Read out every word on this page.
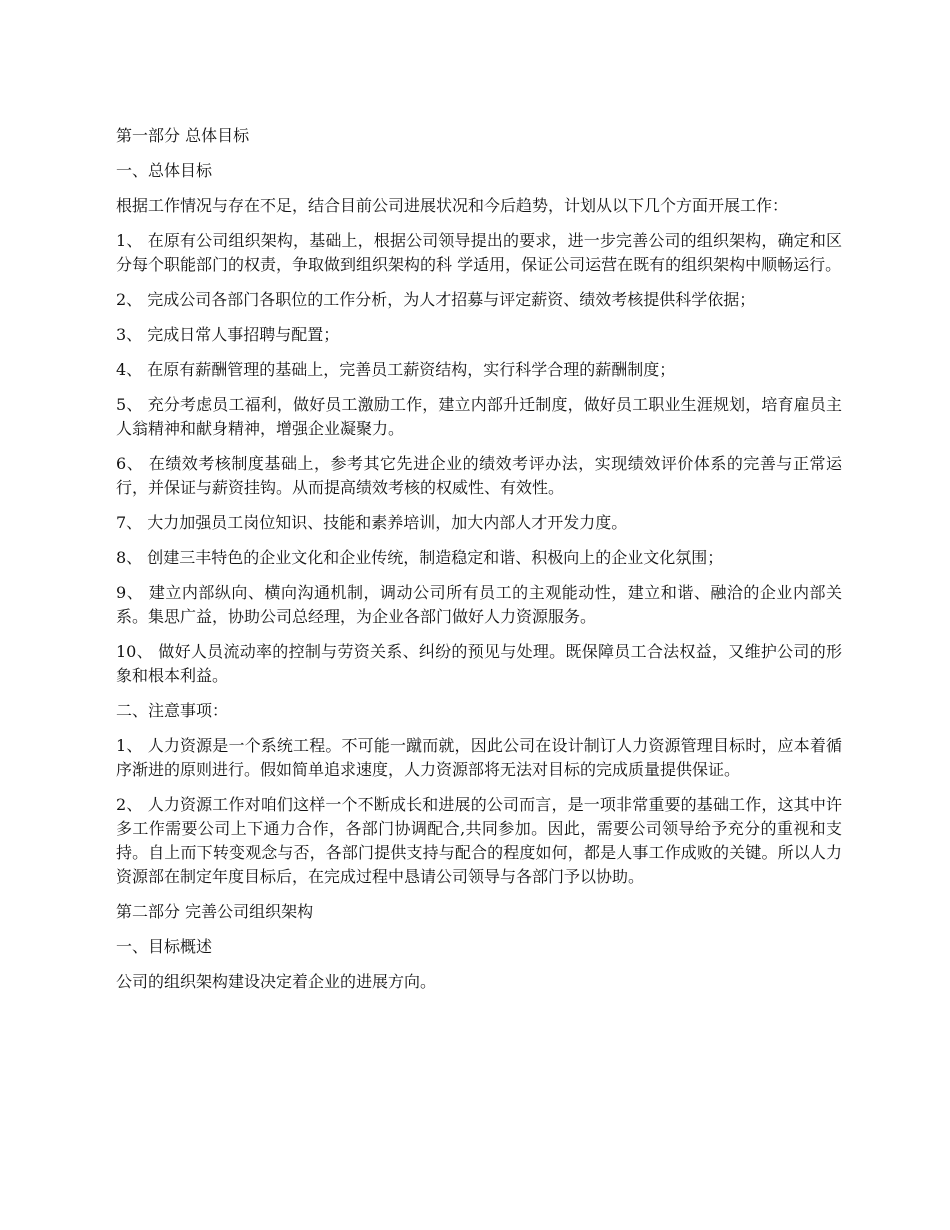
第一部分 总体目标

一、总体目标

根据工作情况与存在不足，结合目前公司进展状况和今后趋势，计划从以下几个方面开展工作：

1、 在原有公司组织架构，基础上，根据公司领导提出的要求，进一步完善公司的组织架构，确定和区分每个职能部门的权责，争取做到组织架构的科 学适用，保证公司运营在既有的组织架构中顺畅运行。

2、 完成公司各部门各职位的工作分析，为人才招募与评定薪资、绩效考核提供科学依据；

3、 完成日常人事招聘与配置；

4、 在原有薪酬管理的基础上，完善员工薪资结构，实行科学合理的薪酬制度；

5、 充分考虑员工福利，做好员工激励工作，建立内部升迁制度，做好员工职业生涯规划，培育雇员主人翁精神和献身精神，增强企业凝聚力。

6、 在绩效考核制度基础上，参考其它先进企业的绩效考评办法，实现绩效评价体系的完善与正常运行，并保证与薪资挂钩。从而提高绩效考核的权威性、有效性。

7、 大力加强员工岗位知识、技能和素养培训，加大内部人才开发力度。

8、 创建三丰特色的企业文化和企业传统，制造稳定和谐、积极向上的企业文化氛围；

9、 建立内部纵向、横向沟通机制，调动公司所有员工的主观能动性，建立和谐、融洽的企业内部关系。集思广益，协助公司总经理，为企业各部门做好人力资源服务。

10、 做好人员流动率的控制与劳资关系、纠纷的预见与处理。既保障员工合法权益，又维护公司的形象和根本利益。

二、注意事项：

1、 人力资源是一个系统工程。不可能一蹴而就，因此公司在设计制订人力资源管理目标时，应本着循序渐进的原则进行。假如简单追求速度，人力资源部将无法对目标的完成质量提供保证。

2、 人力资源工作对咱们这样一个不断成长和进展的公司而言，是一项非常重要的基础工作，这其中许多工作需要公司上下通力合作，各部门协调配合,共同参加。因此，需要公司领导给予充分的重视和支持。自上而下转变观念与否，各部门提供支持与配合的程度如何，都是人事工作成败的关键。所以人力资源部在制定年度目标后，在完成过程中恳请公司领导与各部门予以协助。

第二部分 完善公司组织架构

一、目标概述

公司的组织架构建设决定着企业的进展方向。
